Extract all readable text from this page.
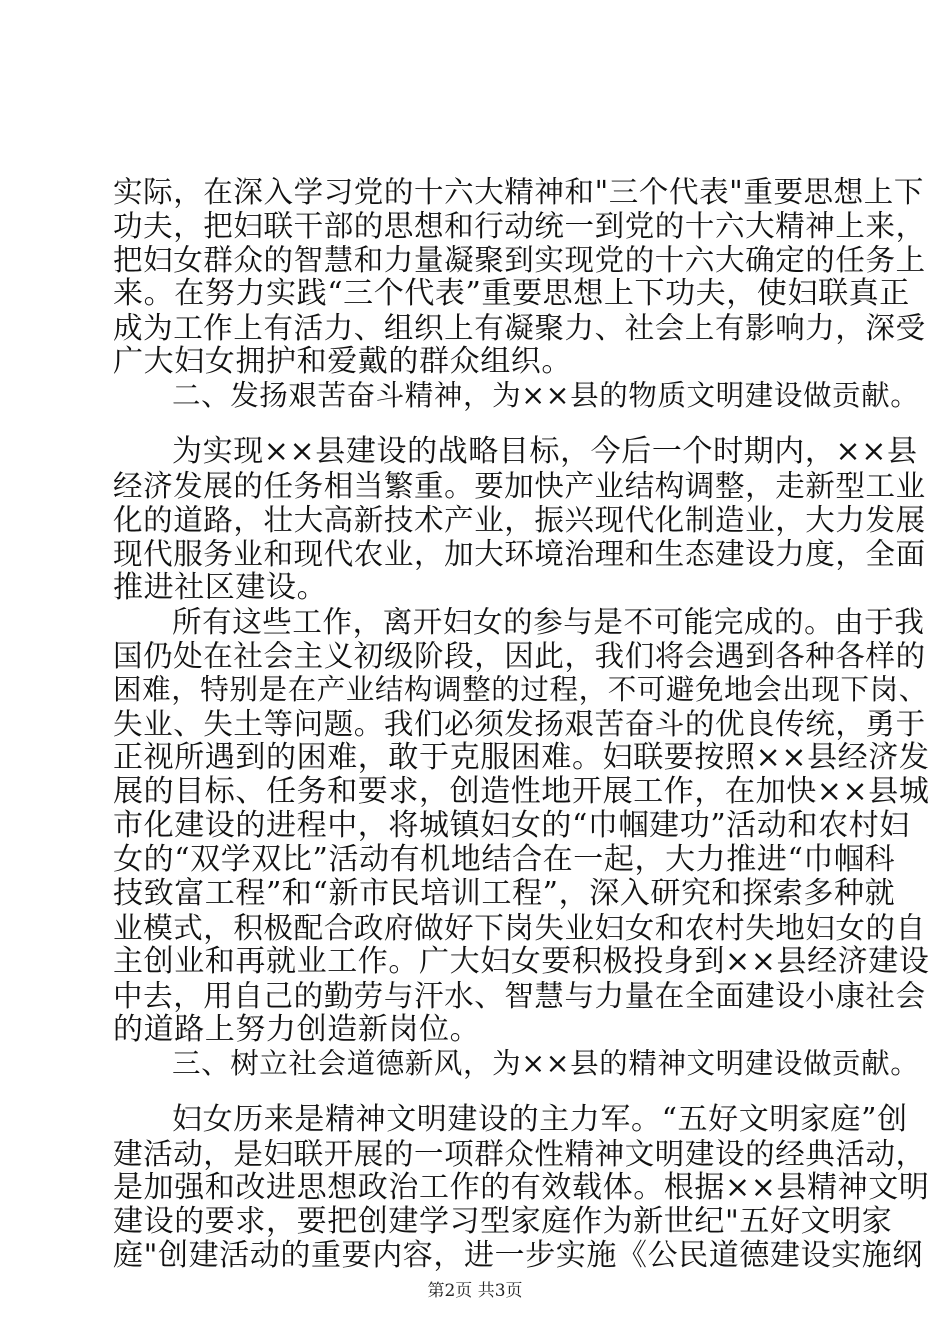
实际，在深入学习党的十六大精神和"三个代表"重要思想上下
功夫，把妇联干部的思想和行动统一到党的十六大精神上来，
把妇女群众的智慧和力量凝聚到实现党的十六大确定的任务上
来。在努力实践“三个代表”重要思想上下功夫，使妇联真正
成为工作上有活力、组织上有凝聚力、社会上有影响力，深受
广大妇女拥护和爱戴的群众组织。
二、发扬艰苦奋斗精神，为××县的物质文明建设做贡献。
为实现××县建设的战略目标，今后一个时期内，××县
经济发展的任务相当繁重。要加快产业结构调整，走新型工业
化的道路，壮大高新技术产业，振兴现代化制造业，大力发展
现代服务业和现代农业，加大环境治理和生态建设力度，全面
推进社区建设。
所有这些工作，离开妇女的参与是不可能完成的。由于我
国仍处在社会主义初级阶段，因此，我们将会遇到各种各样的
困难，特别是在产业结构调整的过程，不可避免地会出现下岗、
失业、失土等问题。我们必须发扬艰苦奋斗的优良传统，勇于
正视所遇到的困难，敢于克服困难。妇联要按照××县经济发
展的目标、任务和要求，创造性地开展工作，在加快××县城
市化建设的进程中，将城镇妇女的“巾帼建功”活动和农村妇
女的“双学双比”活动有机地结合在一起，大力推进“巾帼科
技致富工程”和“新市民培训工程”，深入研究和探索多种就
业模式，积极配合政府做好下岗失业妇女和农村失地妇女的自
主创业和再就业工作。广大妇女要积极投身到××县经济建设
中去，用自己的勤劳与汗水、智慧与力量在全面建设小康社会
的道路上努力创造新岗位。
三、树立社会道德新风，为××县的精神文明建设做贡献。
妇女历来是精神文明建设的主力军。“五好文明家庭”创
建活动，是妇联开展的一项群众性精神文明建设的经典活动，
是加强和改进思想政治工作的有效载体。根据××县精神文明
建设的要求，要把创建学习型家庭作为新世纪"五好文明家
庭"创建活动的重要内容，进一步实施《公民道德建设实施纲
第2页 共3页
